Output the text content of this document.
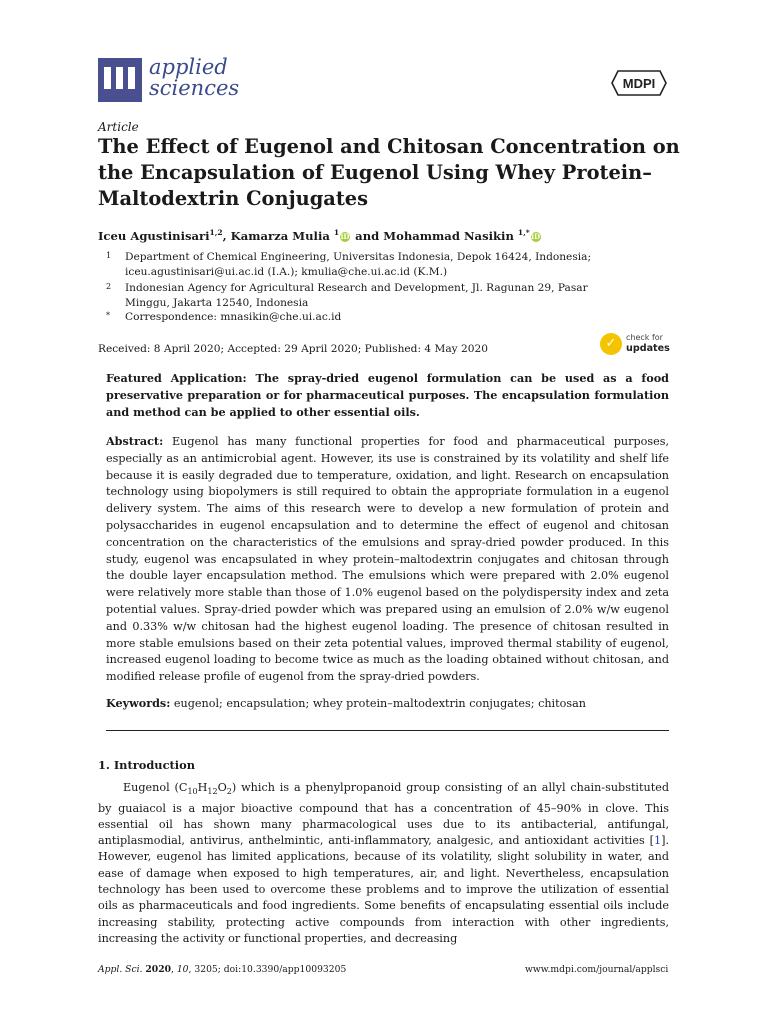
applied
sciences	MDPI
Article
The Effect of Eugenol and Chitosan Concentration on the Encapsulation of Eugenol Using Whey Protein–Maltodextrin Conjugates
Iceu Agustinisari$^{1,2}$, Kamarza Mulia $^1$ iD and Mohammad Nasikin $^{1,*}$ iD
1 Department of Chemical Engineering, Universitas Indonesia, Depok 16424, Indonesia; iceu.agustinisari@ui.ac.id (I.A.); kmulia@che.ui.ac.id (K.M.)
2 Indonesian Agency for Agricultural Research and Development, Jl. Ragunan 29, Pasar Minggu, Jakarta 12540, Indonesia
* Correspondence: mnasikin@che.ui.ac.id
Received: 8 April 2020; Accepted: 29 April 2020; Published: 4 May 2020	✓	check for
updates
Featured Application: The spray-dried eugenol formulation can be used as a food preservative preparation or for pharmaceutical purposes. The encapsulation formulation and method can be applied to other essential oils.
Abstract: Eugenol has many functional properties for food and pharmaceutical purposes, especially as an antimicrobial agent. However, its use is constrained by its volatility and shelf life because it is easily degraded due to temperature, oxidation, and light. Research on encapsulation technology using biopolymers is still required to obtain the appropriate formulation in a eugenol delivery system. The aims of this research were to develop a new formulation of protein and polysaccharides in eugenol encapsulation and to determine the effect of eugenol and chitosan concentration on the characteristics of the emulsions and spray-dried powder produced. In this study, eugenol was encapsulated in whey protein–maltodextrin conjugates and chitosan through the double layer encapsulation method. The emulsions which were prepared with 2.0% eugenol were relatively more stable than those of 1.0% eugenol based on the polydispersity index and zeta potential values. Spray-dried powder which was prepared using an emulsion of 2.0% w/w eugenol and 0.33% w/w chitosan had the highest eugenol loading. The presence of chitosan resulted in more stable emulsions based on their zeta potential values, improved thermal stability of eugenol, increased eugenol loading to become twice as much as the loading obtained without chitosan, and modified release profile of eugenol from the spray-dried powders.
Keywords: eugenol; encapsulation; whey protein–maltodextrin conjugates; chitosan
1. Introduction
Eugenol $(C_{10}H_{12}O_2)$ which is a phenylpropanoid group consisting of an allyl chain-substituted by guaiacol is a major bioactive compound that has a concentration of 45–90% in clove. This essential oil has shown many pharmacological uses due to its antibacterial, antifungal, antiplasmodial, antivirus, anthelmintic, anti-inflammatory, analgesic, and antioxidant activities [1]. However, eugenol has limited applications, because of its volatility, slight solubility in water, and ease of damage when exposed to high temperatures, air, and light. Nevertheless, encapsulation technology has been used to overcome these problems and to improve the utilization of essential oils as pharmaceuticals and food ingredients. Some benefits of encapsulating essential oils include increasing stability, protecting active compounds from interaction with other ingredients, increasing the activity or functional properties, and decreasing
Appl. Sci. 2020, 10, 3205; doi:10.3390/app10093205	www.mdpi.com/journal/applsci
